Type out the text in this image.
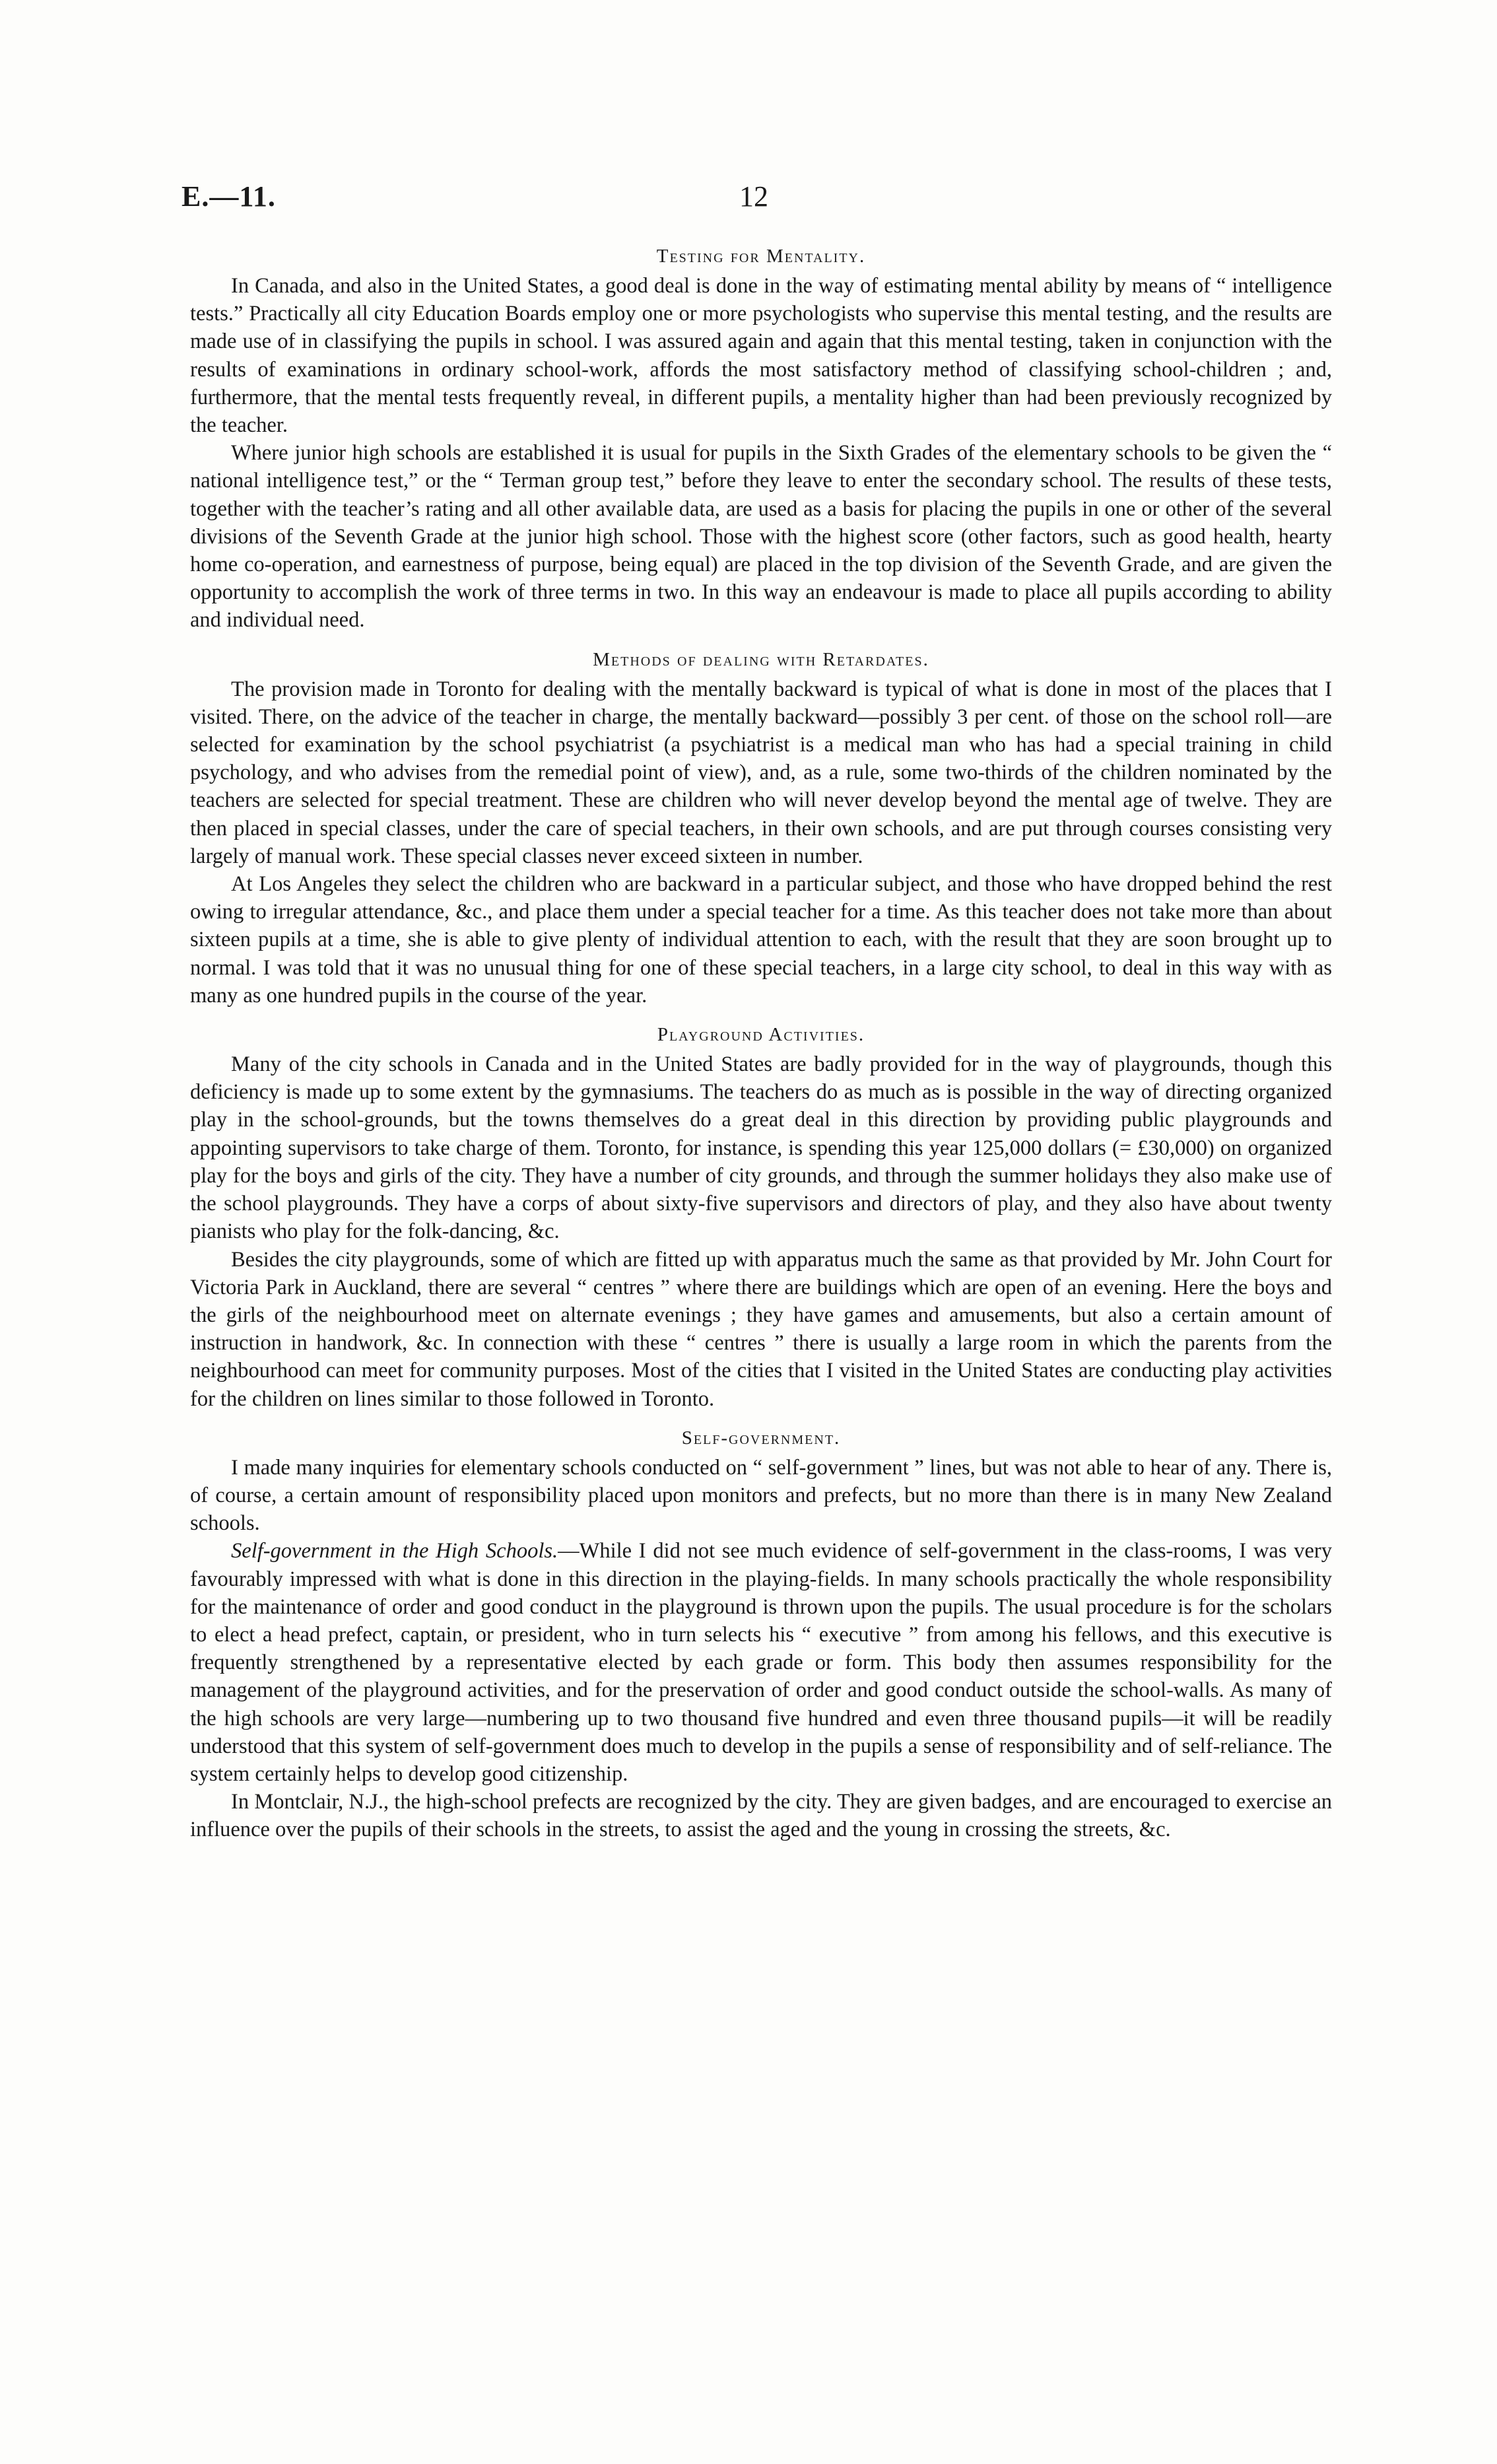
E.—11.	12
Testing for Mentality.

In Canada, and also in the United States, a good deal is done in the way of estimating mental ability by means of “ intelligence tests.” Practically all city Education Boards employ one or more psychologists who supervise this mental testing, and the results are made use of in classifying the pupils in school. I was assured again and again that this mental testing, taken in conjunction with the results of examinations in ordinary school-work, affords the most satisfactory method of classifying school-children ; and, furthermore, that the mental tests frequently reveal, in different pupils, a mentality higher than had been previously recognized by the teacher.

Where junior high schools are established it is usual for pupils in the Sixth Grades of the elementary schools to be given the “ national intelligence test,” or the “ Terman group test,” before they leave to enter the secondary school. The results of these tests, together with the teacher’s rating and all other available data, are used as a basis for placing the pupils in one or other of the several divisions of the Seventh Grade at the junior high school. Those with the highest score (other factors, such as good health, hearty home co-operation, and earnestness of purpose, being equal) are placed in the top division of the Seventh Grade, and are given the opportunity to accomplish the work of three terms in two. In this way an endeavour is made to place all pupils according to ability and individual need.

Methods of dealing with Retardates.

The provision made in Toronto for dealing with the mentally backward is typical of what is done in most of the places that I visited. There, on the advice of the teacher in charge, the mentally backward—possibly 3 per cent. of those on the school roll—are selected for examination by the school psychiatrist (a psychiatrist is a medical man who has had a special training in child psychology, and who advises from the remedial point of view), and, as a rule, some two-thirds of the children nominated by the teachers are selected for special treatment. These are children who will never develop beyond the mental age of twelve. They are then placed in special classes, under the care of special teachers, in their own schools, and are put through courses consisting very largely of manual work. These special classes never exceed sixteen in number.

At Los Angeles they select the children who are backward in a particular subject, and those who have dropped behind the rest owing to irregular attendance, &c., and place them under a special teacher for a time. As this teacher does not take more than about sixteen pupils at a time, she is able to give plenty of individual attention to each, with the result that they are soon brought up to normal. I was told that it was no unusual thing for one of these special teachers, in a large city school, to deal in this way with as many as one hundred pupils in the course of the year.

Playground Activities.

Many of the city schools in Canada and in the United States are badly provided for in the way of playgrounds, though this deficiency is made up to some extent by the gymnasiums. The teachers do as much as is possible in the way of directing organized play in the school-grounds, but the towns themselves do a great deal in this direction by providing public playgrounds and appointing supervisors to take charge of them. Toronto, for instance, is spending this year 125,000 dollars (= £30,000) on organized play for the boys and girls of the city. They have a number of city grounds, and through the summer holidays they also make use of the school playgrounds. They have a corps of about sixty-five supervisors and directors of play, and they also have about twenty pianists who play for the folk-dancing, &c.

Besides the city playgrounds, some of which are fitted up with apparatus much the same as that provided by Mr. John Court for Victoria Park in Auckland, there are several “ centres ” where there are buildings which are open of an evening. Here the boys and the girls of the neighbourhood meet on alternate evenings ; they have games and amusements, but also a certain amount of instruction in handwork, &c. In connection with these “ centres ” there is usually a large room in which the parents from the neighbourhood can meet for community purposes. Most of the cities that I visited in the United States are conducting play activities for the children on lines similar to those followed in Toronto.

Self-government.

I made many inquiries for elementary schools conducted on “ self-government ” lines, but was not able to hear of any. There is, of course, a certain amount of responsibility placed upon monitors and prefects, but no more than there is in many New Zealand schools.

Self-government in the High Schools.—While I did not see much evidence of self-government in the class-rooms, I was very favourably impressed with what is done in this direction in the playing-fields. In many schools practically the whole responsibility for the maintenance of order and good conduct in the playground is thrown upon the pupils. The usual procedure is for the scholars to elect a head prefect, captain, or president, who in turn selects his “ executive ” from among his fellows, and this executive is frequently strengthened by a representative elected by each grade or form. This body then assumes responsibility for the management of the playground activities, and for the preservation of order and good conduct outside the school-walls. As many of the high schools are very large—numbering up to two thousand five hundred and even three thousand pupils—it will be readily understood that this system of self-government does much to develop in the pupils a sense of responsibility and of self-reliance. The system certainly helps to develop good citizenship.

In Montclair, N.J., the high-school prefects are recognized by the city. They are given badges, and are encouraged to exercise an influence over the pupils of their schools in the streets, to assist the aged and the young in crossing the streets, &c.
